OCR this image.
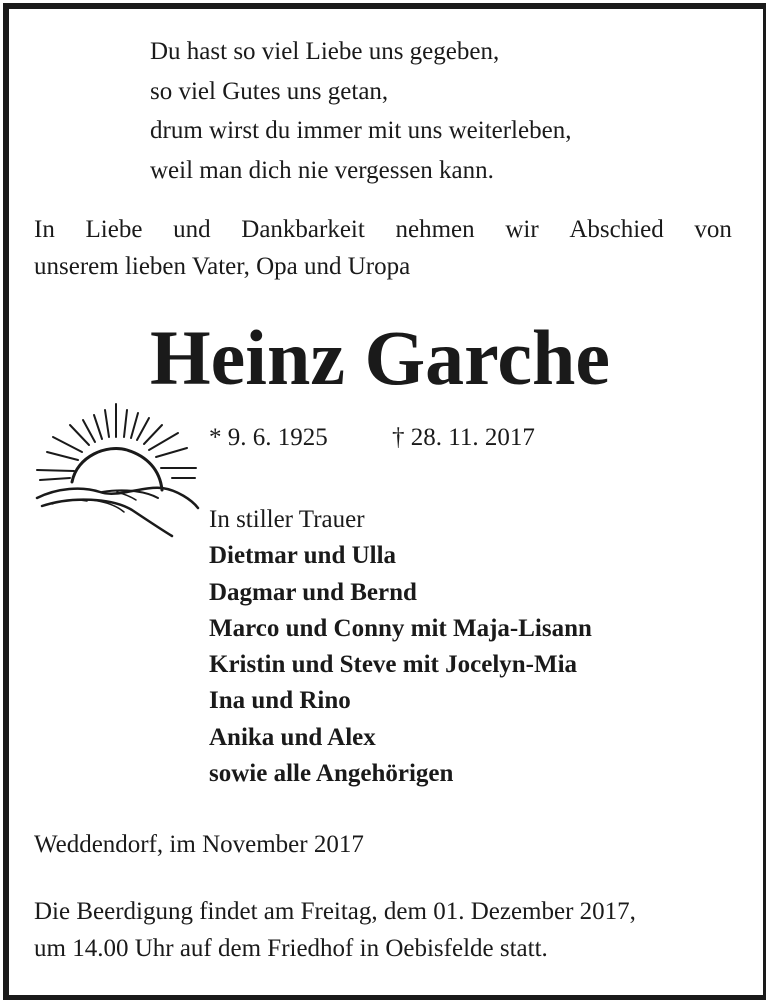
Du hast so viel Liebe uns gegeben,
so viel Gutes uns getan,
drum wirst du immer mit uns weiterleben,
weil man dich nie vergessen kann.
In Liebe und Dankbarkeit nehmen wir Abschied von
unserem lieben Vater, Opa und Uropa
Heinz Garche
* 9. 6. 1925	† 28. 11. 2017
In stiller Trauer
Dietmar und Ulla
Dagmar und Bernd
Marco und Conny mit Maja-Lisann
Kristin und Steve mit Jocelyn-Mia
Ina und Rino
Anika und Alex
sowie alle Angehörigen
Weddendorf, im November 2017
Die Beerdigung findet am Freitag, dem 01. Dezember 2017,
um 14.00 Uhr auf dem Friedhof in Oebisfelde statt.
